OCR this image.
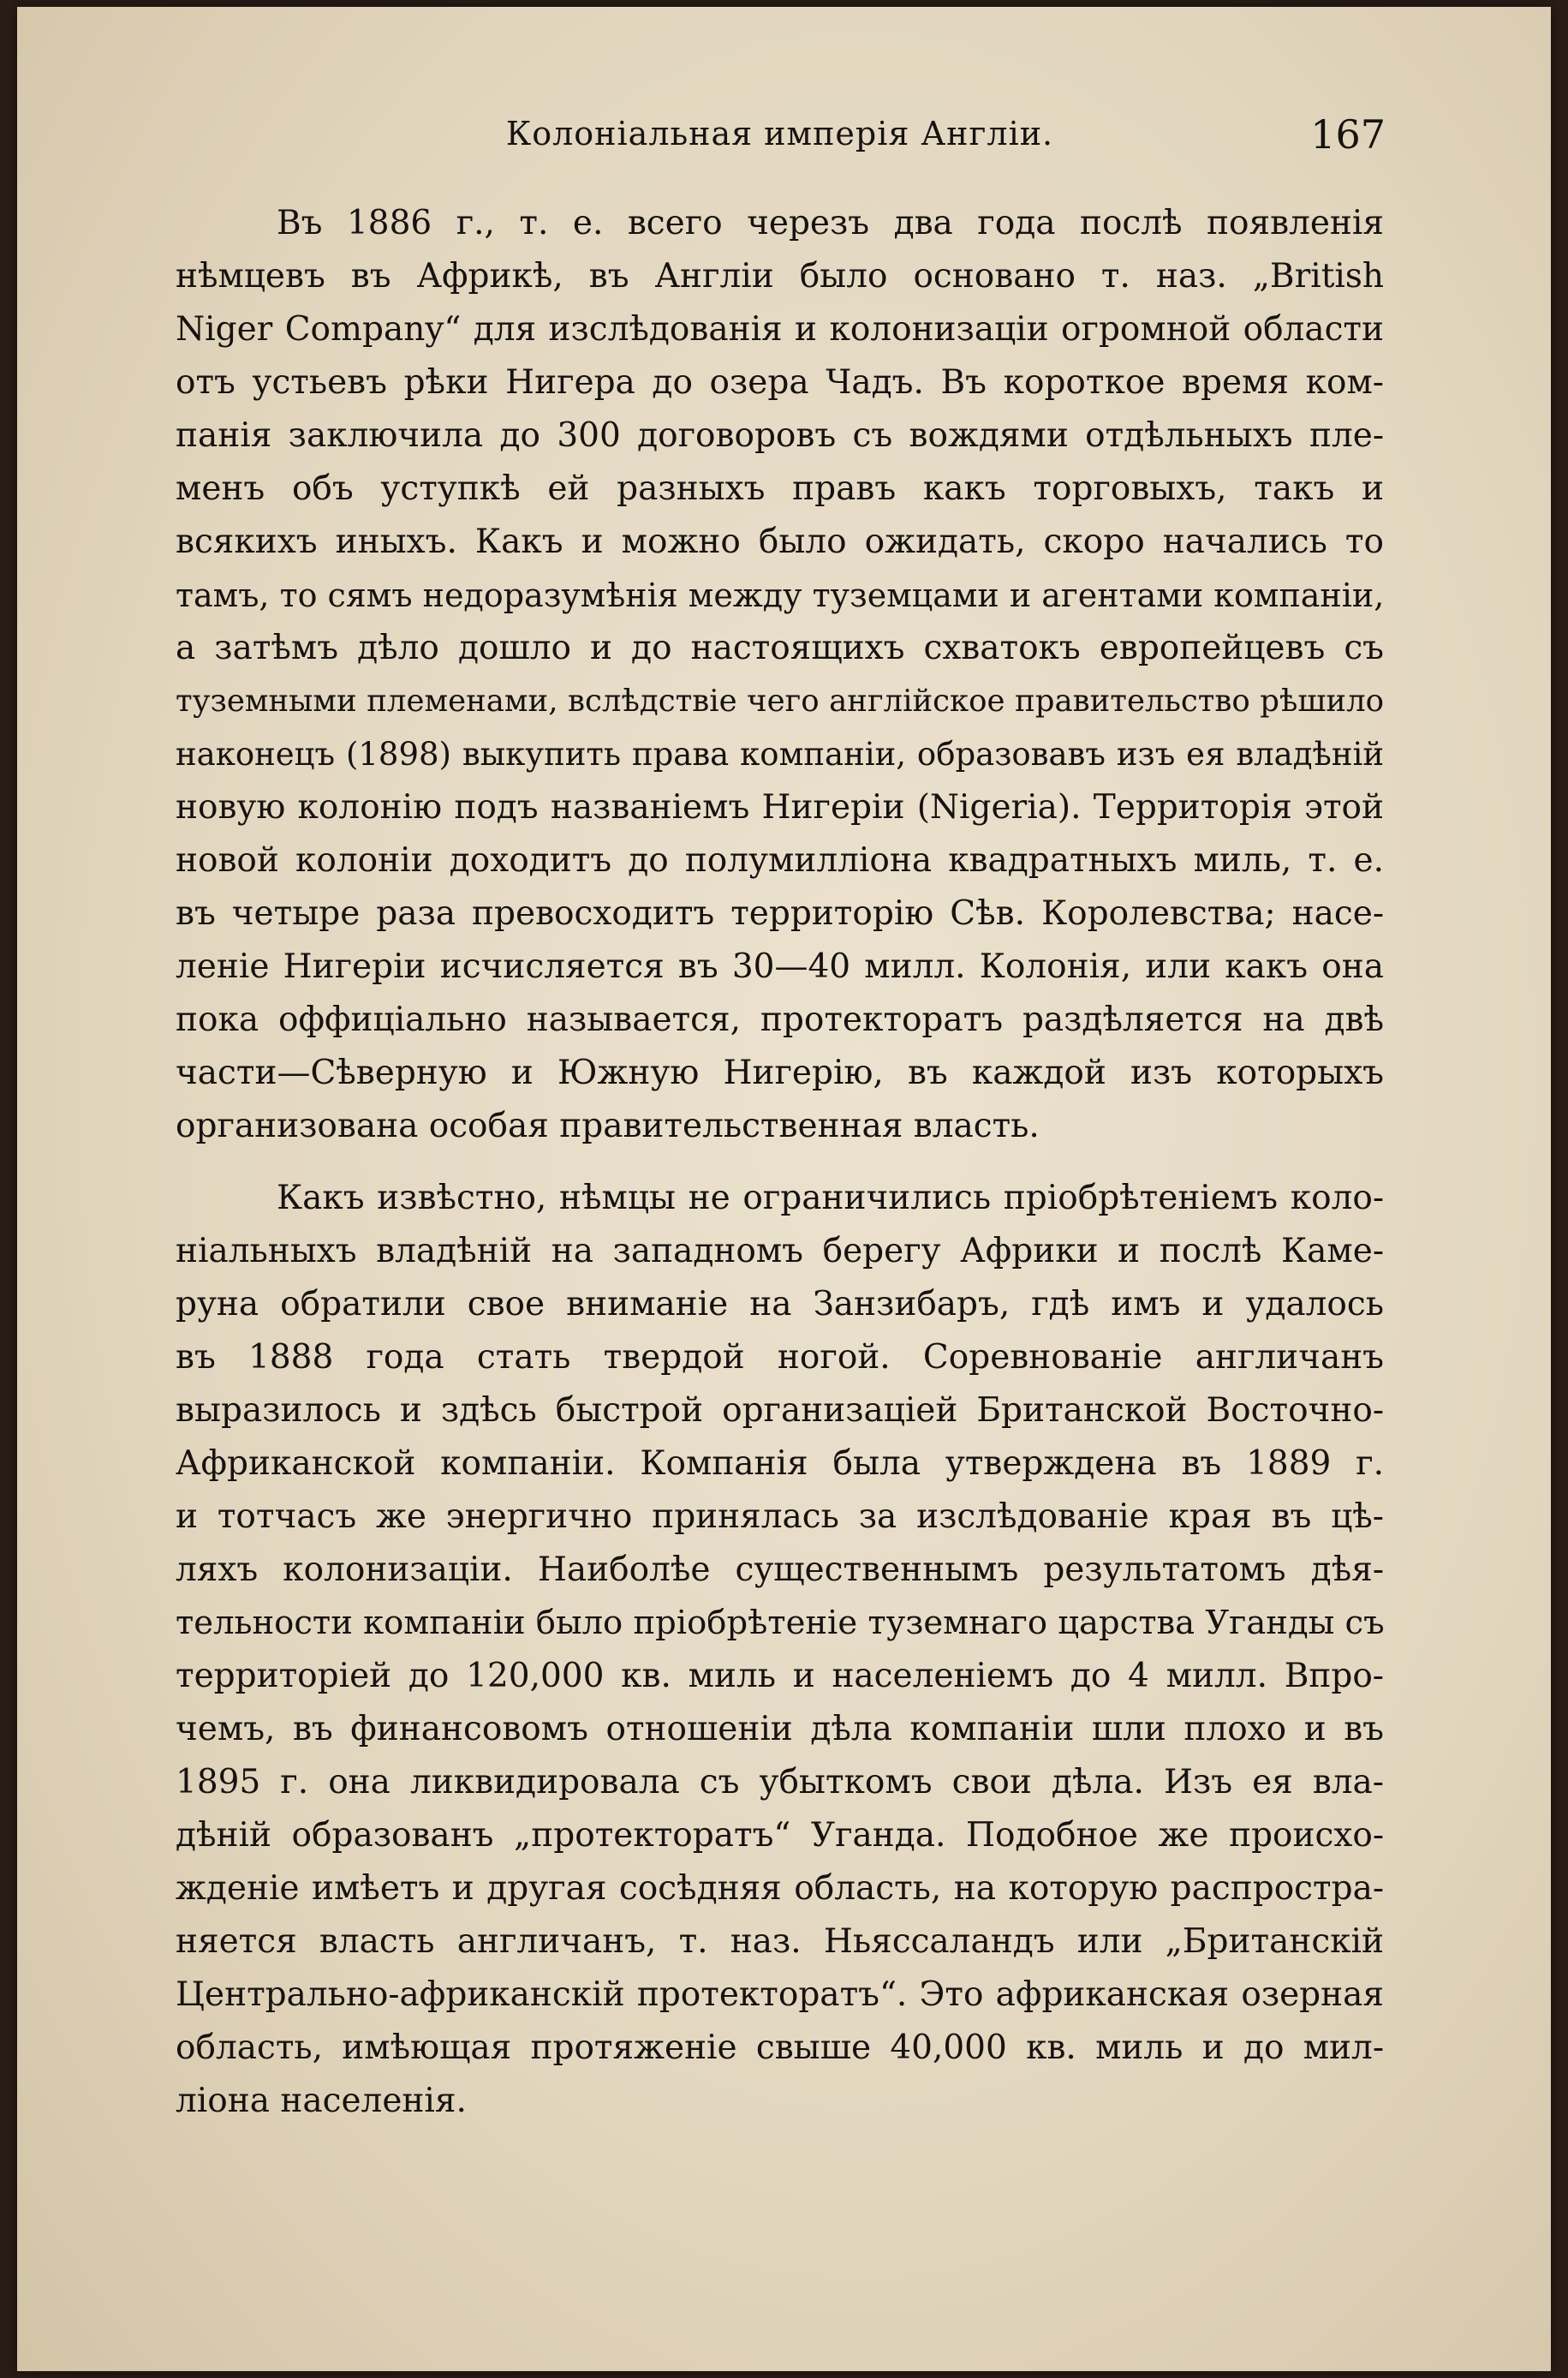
Колоніальная имперія Англіи.	167
Въ 1886 г., т. е. всего черезъ два года послѣ появленія
нѣмцевъ въ Африкѣ, въ Англіи было основано т. наз. „British
Niger Company“ для изслѣдованія и колонизаціи огромной области
отъ устьевъ рѣки Нигера до озера Чадъ. Въ короткое время ком-
панія заключила до 300 договоровъ съ вождями отдѣльныхъ пле-
менъ объ уступкѣ ей разныхъ правъ какъ торговыхъ, такъ и
всякихъ иныхъ. Какъ и можно было ожидать, скоро начались то
тамъ, то сямъ недоразумѣнія между туземцами и агентами компаніи,
а затѣмъ дѣло дошло и до настоящихъ схватокъ европейцевъ съ
туземными племенами, вслѣдствіе чего англійское правительство рѣшило
наконецъ (1898) выкупить права компаніи, образовавъ изъ ея владѣній
новую колонію подъ названіемъ Нигеріи (Nigeria). Территорія этой
новой колоніи доходитъ до полумилліона квадратныхъ миль, т. е.
въ четыре раза превосходитъ территорію Сѣв. Королевства; насе-
леніе Нигеріи исчисляется въ 30—40 милл. Колонія, или какъ она
пока оффиціально называется, протекторатъ раздѣляется на двѣ
части—Сѣверную и Южную Нигерію, въ каждой изъ которыхъ
организована особая правительственная власть.
Какъ извѣстно, нѣмцы не ограничились пріобрѣтеніемъ коло-
ніальныхъ владѣній на западномъ берегу Африки и послѣ Каме-
руна обратили свое вниманіе на Занзибаръ, гдѣ имъ и удалось
въ 1888 года стать твердой ногой. Соревнованіе англичанъ
выразилось и здѣсь быстрой организаціей Британской Восточно-
Африканской компаніи. Компанія была утверждена въ 1889 г.
и тотчасъ же энергично принялась за изслѣдованіе края въ цѣ-
ляхъ колонизаціи. Наиболѣе существеннымъ результатомъ дѣя-
тельности компаніи было пріобрѣтеніе туземнаго царства Уганды съ
территоріей до 120,000 кв. миль и населеніемъ до 4 милл. Впро-
чемъ, въ финансовомъ отношеніи дѣла компаніи шли плохо и въ
1895 г. она ликвидировала съ убыткомъ свои дѣла. Изъ ея вла-
дѣній образованъ „протекторатъ“ Уганда. Подобное же происхо-
жденіе имѣетъ и другая сосѣдняя область, на которую распростра-
няется власть англичанъ, т. наз. Ньяссаландъ или „Британскій
Центрально-африканскій протекторатъ“. Это африканская озерная
область, имѣющая протяженіе свыше 40,000 кв. миль и до мил-
ліона населенія.
